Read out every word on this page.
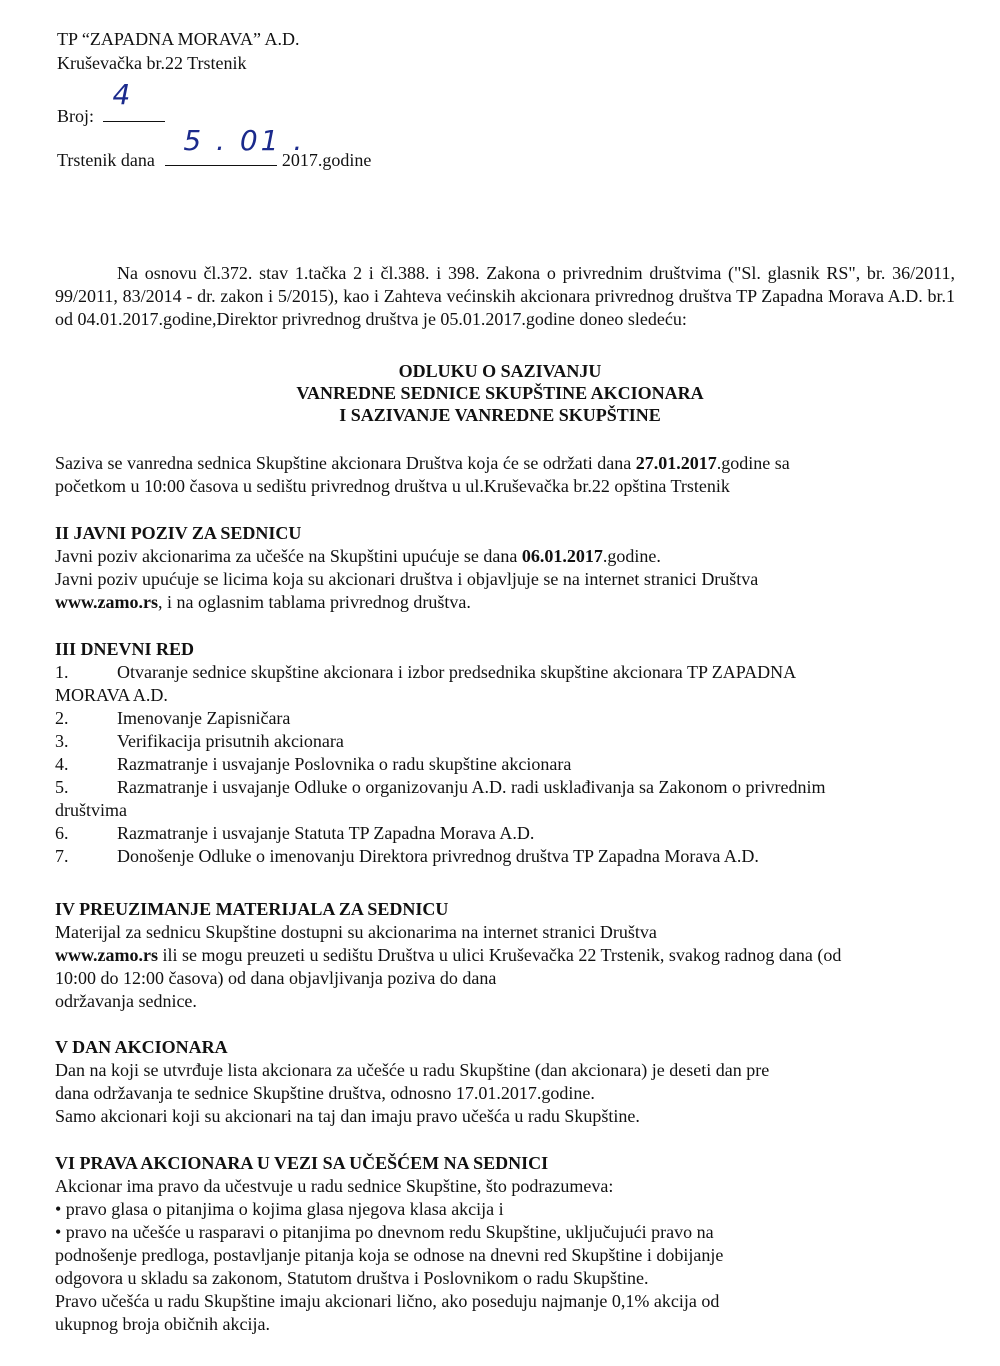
TP “ZAPADNA MORAVA” A.D.
Kruševačka br.22 Trstenik
Broj:
4
Trstenik dana
5 . 01 .
2017.godine
Na osnovu čl.372. stav 1.tačka 2 i čl.388. i 398. Zakona o privrednim društvima ("Sl. glasnik RS", br. 36/2011, 99/2011, 83/2014 - dr. zakon i 5/2015), kao i Zahteva većinskih akcionara privrednog društva TP Zapadna Morava A.D. br.1 od 04.01.2017.godine,Direktor privrednog društva je 05.01.2017.godine doneo sledeću:
ODLUKU O SAZIVANJU
VANREDNE SEDNICE SKUPŠTINE AKCIONARA
I SAZIVANJE VANREDNE SKUPŠTINE

Saziva se vanredna sednica Skupštine akcionara Društva koja će se održati dana 27.01.2017.godine sa

početkom u 10:00 časova u sedištu privrednog društva u ul.Kruševačka br.22 opština Trstenik

II JAVNI POZIV ZA SEDNICU

Javni poziv akcionarima za učešće na Skupštini upućuje se dana 06.01.2017.godine.

Javni poziv upućuje se licima koja su akcionari društva i objavljuje se na internet stranici Društva

www.zamo.rs, i na oglasnim tablama privrednog društva.

III DNEVNI RED

1.	Otvaranje sednice skupštine akcionara i izbor predsednika skupštine akcionara TP ZAPADNA

MORAVA A.D.

2.	Imenovanje Zapisničara
3.	Verifikacija prisutnih akcionara
4.	Razmatranje i usvajanje Poslovnika o radu skupštine akcionara
5.	Razmatranje i usvajanje Odluke o organizovanju A.D. radi usklađivanja sa Zakonom o privrednim

društvima

6.	Razmatranje i usvajanje Statuta TP Zapadna Morava A.D.
7.	Donošenje Odluke o imenovanju Direktora privrednog društva TP Zapadna Morava A.D.

IV PREUZIMANJE MATERIJALA ZA SEDNICU

Materijal za sednicu Skupštine dostupni su akcionarima na internet stranici Društva

www.zamo.rs ili se mogu preuzeti u sedištu Društva u ulici Kruševačka 22 Trstenik, svakog radnog dana (od

10:00 do 12:00 časova) od dana objavljivanja poziva do dana

održavanja sednice.

V DAN AKCIONARA

Dan na koji se utvrđuje lista akcionara za učešće u radu Skupštine (dan akcionara) je deseti dan pre

dana održavanja te sednice Skupštine društva, odnosno 17.01.2017.godine.

Samo akcionari koji su akcionari na taj dan imaju pravo učešća u radu Skupštine.

VI PRAVA AKCIONARA U VEZI SA UČEŠĆEM NA SEDNICI

Akcionar ima pravo da učestvuje u radu sednice Skupštine, što podrazumeva:

• pravo glasa o pitanjima o kojima glasa njegova klasa akcija i

• pravo na učešće u rasparavi o pitanjima po dnevnom redu Skupštine, uključujući pravo na

podnošenje predloga, postavljanje pitanja koja se odnose na dnevni red Skupštine i dobijanje

odgovora u skladu sa zakonom, Statutom društva i Poslovnikom o radu Skupštine.

Pravo učešća u radu Skupštine imaju akcionari lično, ako poseduju najmanje 0,1% akcija od

ukupnog broja običnih akcija.
